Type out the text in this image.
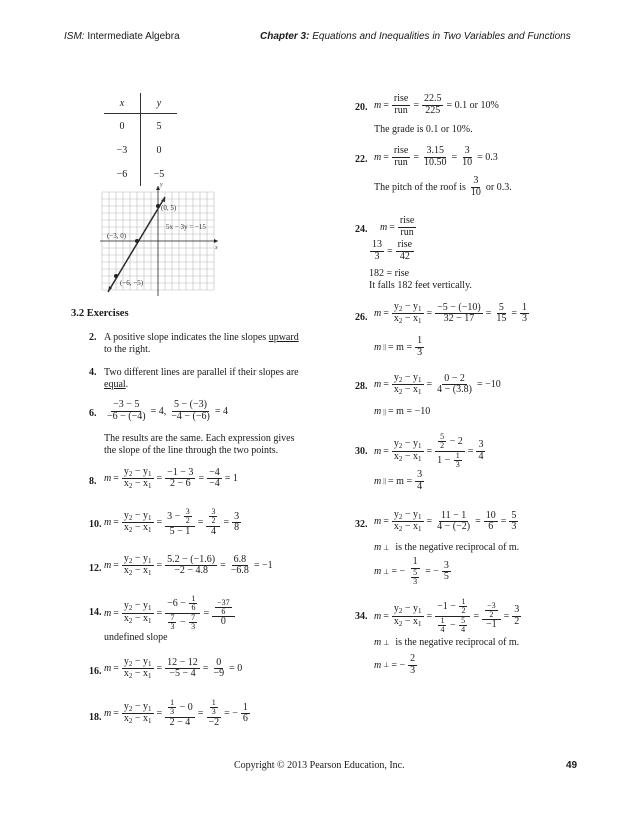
ISM: Intermediate Algebra	Chapter 3: Equations and Inequalities in Two Variables and Functions
x	y
0	5
−3	0
−6	−5
y
x
(0, 5)
(−3, 0)
(−6, −5)
5x − 3y = −15
3.2 Exercises
2. A positive slope indicates the line slopes upward
to the right.
4. Two different lines are parallel if their slopes are
equal.
6. $\frac{-3 - 5}{-6 - (-4)} = 4$, $\frac{5 - (-3)}{-4 - (-6)} = 4$
The results are the same. Each expression gives
the slope of the line through the two points.
8. $m = \frac{y_2 - y_1}{x_2 - x_1} = \frac{-1 - 3}{2 - 6} = \frac{-4}{-4} = 1$
10. $m = \frac{y_2 - y_1}{x_2 - x_1} = \frac{3 - \frac{3}{2}}{5 - 1} = \frac{\frac{3}{2}}{4} = \frac{3}{8}$
12. $m = \frac{y_2 - y_1}{x_2 - x_1} = \frac{5.2 - (-1.6)}{-2 - 4.8} = \frac{6.8}{-6.8} = -1$
14. $m = \frac{y_2 - y_1}{x_2 - x_1} = \frac{-6 - \frac{1}{6}}{\frac{7}{3} - \frac{7}{3}} = \frac{\frac{-37}{6}}{0}$
undefined slope
16. $m = \frac{y_2 - y_1}{x_2 - x_1} = \frac{12 - 12}{-5 - 4} = \frac{0}{-9} = 0$
18. $m = \frac{y_2 - y_1}{x_2 - x_1} = \frac{\frac{1}{3} - 0}{2 - 4} = \frac{\frac{1}{3}}{-2}$ = − $\frac{1}{6}$
20. $m = \frac{\text{rise}}{\text{run}} = \frac{22.5}{225} = 0.1$ or 10%
The grade is 0.1 or 10%.
22. $m = \frac{\text{rise}}{\text{run}} = \frac{3.15}{10.50} = \frac{3}{10} = 0.3$
The pitch of the roof is $\frac{3}{10}$ or 0.3.
24. $m = \frac{\text{rise}}{\text{run}}$
$\frac{13}{3} = \frac{\text{rise}}{42}$
182 = rise
It falls 182 feet vertically.
26. $m = \frac{y_2 - y_1}{x_2 - x_1} = \frac{-5 - (-10)}{32 - 17} = \frac{5}{15} = \frac{1}{3}$
m || = $m = \frac{1}{3}$
28. $m = \frac{y_2 - y_1}{x_2 - x_1} = \frac{0 - 2}{4 - (3.8)} = -10$
m || = m = −10
30. $m = \frac{y_2 - y_1}{x_2 - x_1} = \frac{\frac{5}{2} - 2}{1 - \frac{1}{3}} = \frac{3}{4}$
m || = $m = \frac{3}{4}$
32. $m = \frac{y_2 - y_1}{x_2 - x_1} = \frac{11 - 1}{4 - (-2)} = \frac{10}{6} = \frac{5}{3}$
m ⊥ is the negative reciprocal of m.
m ⊥ = − $\frac{1}{\frac{5}{3}}$ = − $\frac{3}{5}$
34. $m = \frac{y_2 - y_1}{x_2 - x_1} = \frac{-1 - \frac{1}{2}}{\frac{1}{4} - \frac{5}{4}} = \frac{\frac{-3}{2}}{-1} = \frac{3}{2}$
m ⊥ is the negative reciprocal of m.
m ⊥ = − $\frac{2}{3}$
Copyright © 2013 Pearson Education, Inc.	49
